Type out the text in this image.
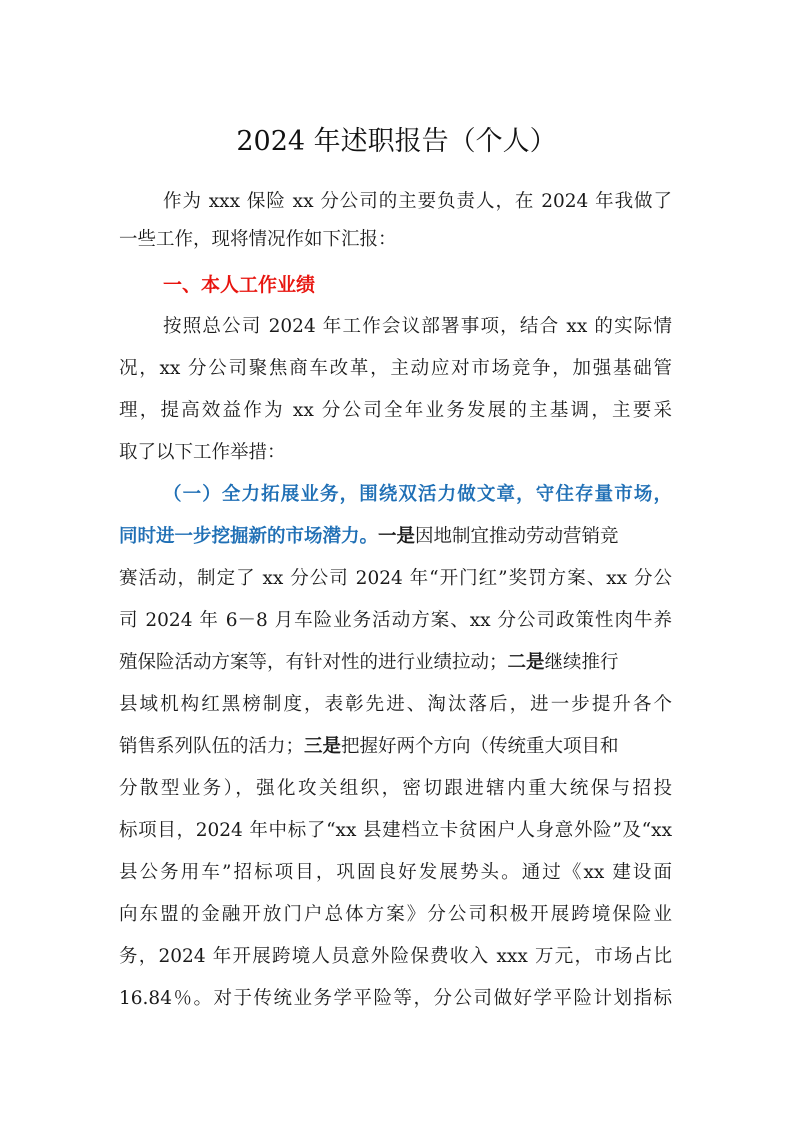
2024 年述职报告（个人）
作为 xxx 保险 xx 分公司的主要负责人，在 2024 年我做了
一些工作，现将情况作如下汇报：
一、本人工作业绩
按照总公司 2024 年工作会议部署事项，结合 xx 的实际情
况，xx 分公司聚焦商车改革，主动应对市场竞争，加强基础管
理，提高效益作为 xx 分公司全年业务发展的主基调，主要采
取了以下工作举措：
（一）全力拓展业务，围绕双活力做文章，守住存量市场，
同时进一步挖掘新的市场潜力。一是因地制宜推动劳动营销竞
赛活动，制定了 xx 分公司 2024 年“开门红”奖罚方案、xx 分公
司 2024 年 6－8 月车险业务活动方案、xx 分公司政策性肉牛养
殖保险活动方案等，有针对性的进行业绩拉动；二是继续推行
县域机构红黑榜制度，表彰先进、淘汰落后，进一步提升各个
销售系列队伍的活力；三是把握好两个方向（传统重大项目和
分散型业务），强化攻关组织，密切跟进辖内重大统保与招投
标项目，2024 年中标了“xx 县建档立卡贫困户人身意外险”及“xx
县公务用车”招标项目，巩固良好发展势头。通过《xx 建设面
向东盟的金融开放门户总体方案》分公司积极开展跨境保险业
务，2024 年开展跨境人员意外险保费收入 xxx 万元，市场占比
16.84％。对于传统业务学平险等，分公司做好学平险计划指标
